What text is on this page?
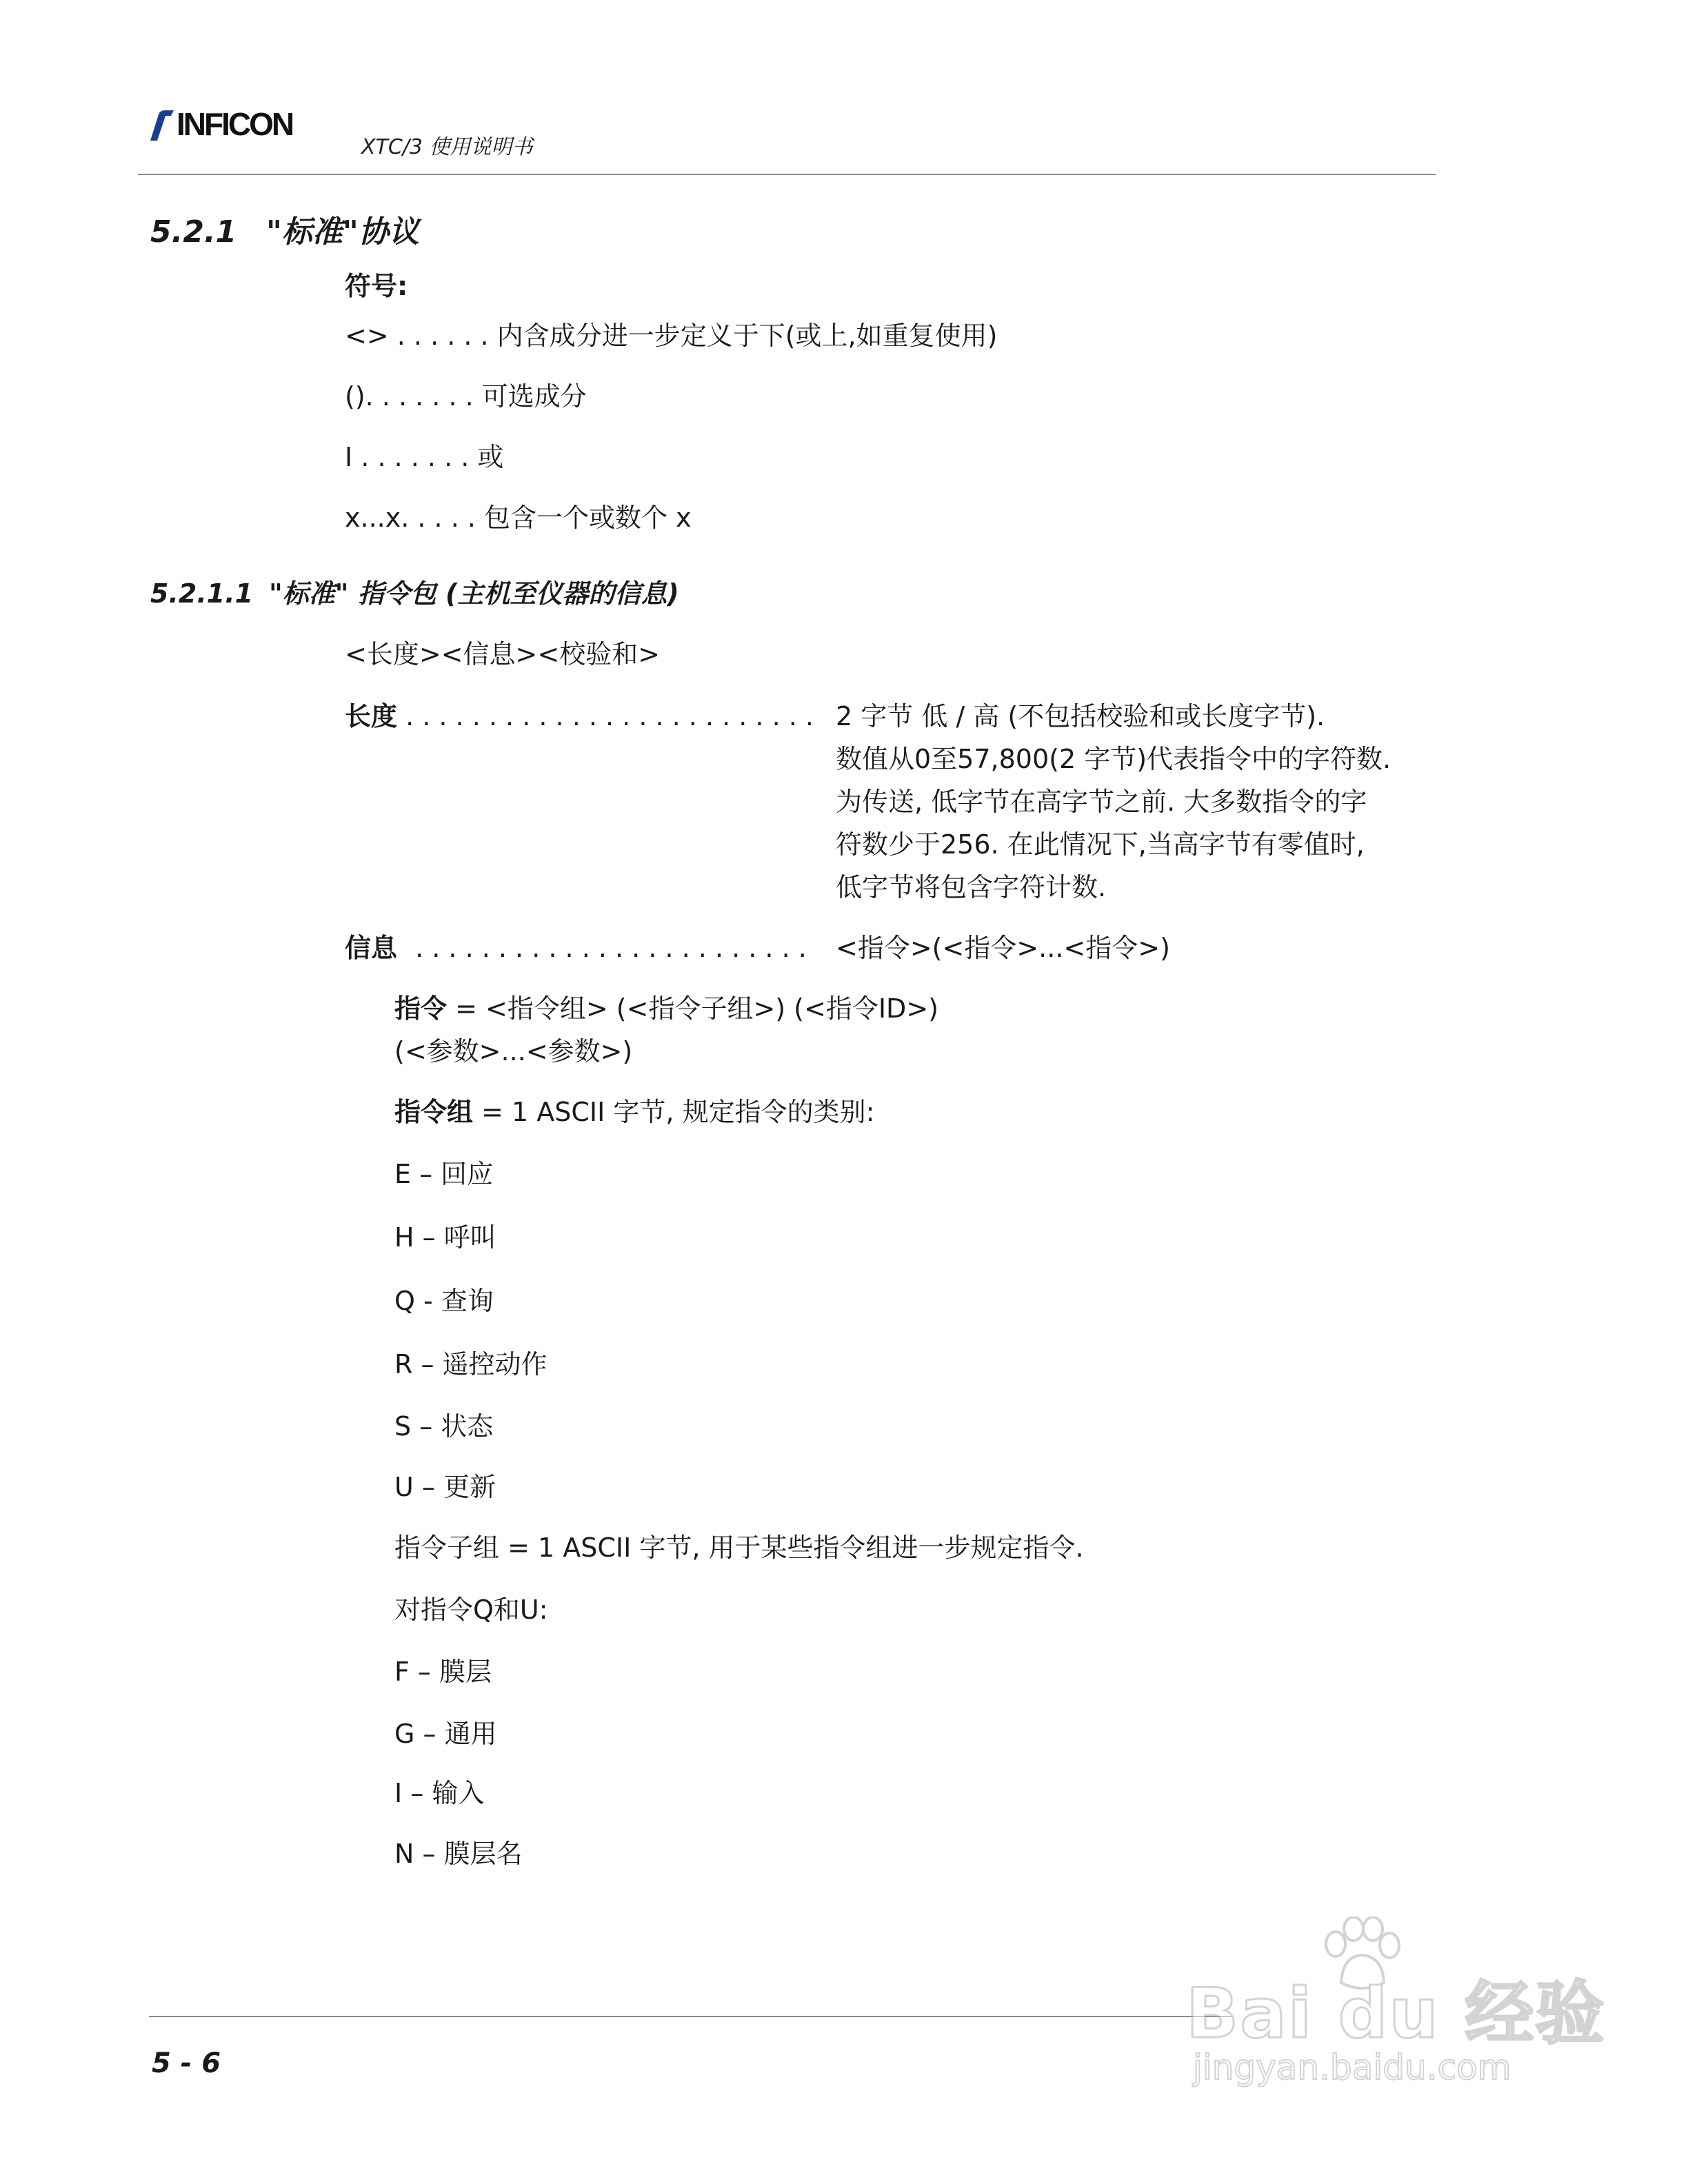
INFICON
XTC/3 使用说明书
5.2.1 "标准"协议
符号:
<> . . . . . . 内含成分进一步定义于下(或上,如重复使用)
(). . . . . . . 可选成分
I . . . . . . . 或
x...x. . . . . 包含一个或数个 x
5.2.1.1 "标准" 指令包 (主机至仪器的信息)
<长度><信息><校验和>
长度 . . . . . . . . . . . . . . . . . . . . . . . . . 2 字节 低 / 高 (不包括校验和或长度字节).
数值从0至57,800(2 字节)代表指令中的字符数.
为传送, 低字节在高字节之前. 大多数指令的字
符数少于256. 在此情况下,当高字节有零值时,
低字节将包含字符计数.
信息 . . . . . . . . . . . . . . . . . . . . . . . . <指令>(<指令>...<指令>)
指令 = <指令组> (<指令子组>) (<指令ID>)
(<参数>...<参数>)
指令组 = 1 ASCII 字节, 规定指令的类别:
E – 回应
H – 呼叫
Q - 查询
R – 遥控动作
S – 状态
U – 更新
指令子组 = 1 ASCII 字节, 用于某些指令组进一步规定指令.
对指令Q和U:
F – 膜层
G – 通用
I – 输入
N – 膜层名
5 - 6
Bai du 经验
jingyan.baidu.com
